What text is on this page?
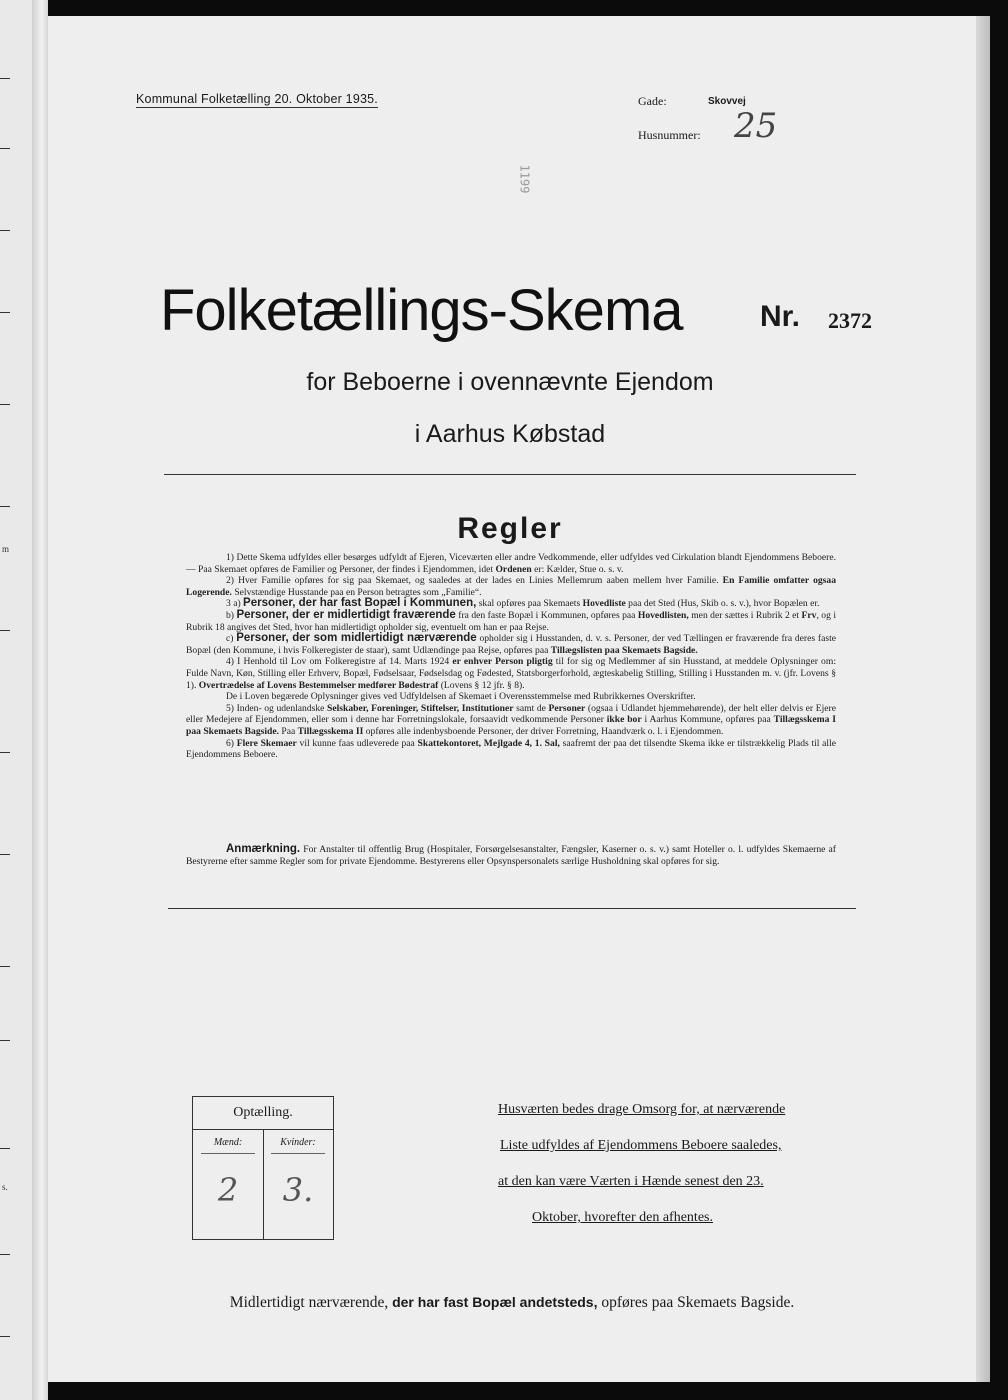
m
s.
Kommunal Folketælling 20. Oktober 1935.	Gade:	Skovvej
Husnummer: 25
1199
Folketællings-Skema	Nr. 2372
for Beboerne i ovennævnte Ejendom
i Aarhus Købstad
Regler

1) Dette Skema udfyldes eller besørges udfyldt af Ejeren, Viceværten eller andre Vedkommende, eller udfyldes ved Cirkulation blandt Ejendommens Beboere. — Paa Skemaet opføres de Familier og Personer, der findes i Ejendommen, idet Ordenen er: Kælder, Stue o. s. v.

2) Hver Familie opføres for sig paa Skemaet, og saaledes at der lades en Linies Mellemrum aaben mellem hver Familie. En Familie omfatter ogsaa Logerende. Selvstændige Husstande paa en Person betragtes som „Familie“.

3 a) Personer, der har fast Bopæl i Kommunen, skal opføres paa Skemaets Hovedliste paa det Sted (Hus, Skib o. s. v.), hvor Bopælen er.

b) Personer, der er midlertidigt fraværende fra den faste Bopæl i Kommunen, opføres paa Hovedlisten, men der sættes i Rubrik 2 et Frv, og i Rubrik 18 angives det Sted, hvor han midlertidigt opholder sig, eventuelt om han er paa Rejse.

c) Personer, der som midlertidigt nærværende opholder sig i Husstanden, d. v. s. Personer, der ved Tællingen er fraværende fra deres faste Bopæl (den Kommune, i hvis Folkeregister de staar), samt Udlændinge paa Rejse, opføres paa Tillægslisten paa Skemaets Bagside.

4) I Henhold til Lov om Folkeregistre af 14. Marts 1924 er enhver Person pligtig til for sig og Medlemmer af sin Husstand, at meddele Oplysninger om: Fulde Navn, Køn, Stilling eller Erhverv, Bopæl, Fødselsaar, Fødselsdag og Fødested, Statsborgerforhold, ægteskabelig Stilling, Stilling i Husstanden m. v. (jfr. Lovens § 1). Overtrædelse af Lovens Bestemmelser medfører Bødestraf (Lovens § 12 jfr. § 8).

De i Loven begærede Oplysninger gives ved Udfyldelsen af Skemaet i Overensstemmelse med Rubrikkernes Overskrifter.

5) Inden- og udenlandske Selskaber, Foreninger, Stiftelser, Institutioner samt de Personer (ogsaa i Udlandet hjemmehørende), der helt eller delvis er Ejere eller Medejere af Ejendommen, eller som i denne har Forretningslokale, forsaavidt vedkommende Personer ikke bor i Aarhus Kommune, opføres paa Tillægsskema I paa Skemaets Bagside. Paa Tillægsskema II opføres alle indenbysboende Personer, der driver Forretning, Haandværk o. l. i Ejendommen.

6) Flere Skemaer vil kunne faas udleverede paa Skattekontoret, Mejlgade 4, 1. Sal, saafremt der paa det tilsendte Skema ikke er tilstrækkelig Plads til alle Ejendommens Beboere.

Anmærkning. For Anstalter til offentlig Brug (Hospitaler, Forsørgelsesanstalter, Fængsler, Kaserner o. s. v.) samt Hoteller o. l. udfyldes Skemaerne af Bestyrerne efter samme Regler som for private Ejendomme. Bestyrerens eller Opsynspersonalets særlige Husholdning skal opføres for sig.
Optælling.
Mænd:	Kvinder:
2	3.
Husværten bedes drage Omsorg for, at nærværende
Liste udfyldes af Ejendommens Beboere saaledes,
at den kan være Værten i Hænde senest den 23.
Oktober, hvorefter den afhentes.
Midlertidigt nærværende, der har fast Bopæl andetsteds, opføres paa Skemaets Bagside.
